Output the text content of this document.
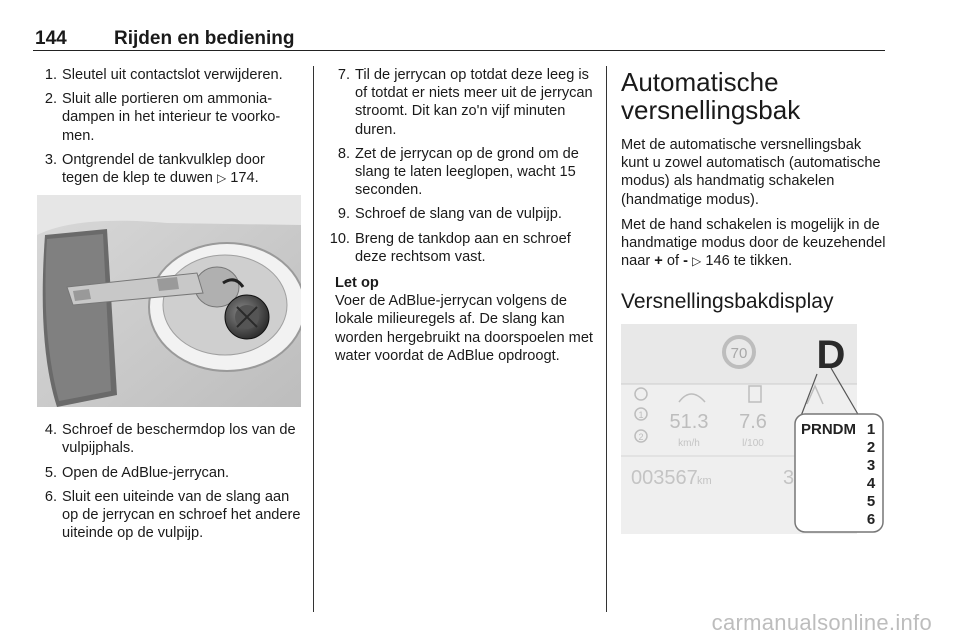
144 Rijden en bediening
1. Sleutel uit contactslot verwijderen.
2. Sluit alle portieren om ammoniadampen in het interieur te voorkomen.
3. Ontgrendel de tankvulklep door tegen de klep te duwen ▷ 174.
4. Schroef de beschermdop los van de vulpijphals.
5. Open de AdBlue-jerrycan.
6. Sluit een uiteinde van de slang aan op de jerrycan en schroef het andere uiteinde op de vulpijp.
7. Til de jerrycan op totdat deze leeg is of totdat er niets meer uit de jerrycan stroomt. Dit kan zo'n vijf minuten duren.
8. Zet de jerrycan op de grond om de slang te laten leeglopen, wacht 15 seconden.
9. Schroef de slang van de vulpijp.
10. Breng de tankdop aan en schroef deze rechtsom vast.
Let op

Voer de AdBlue-jerrycan volgens de lokale milieuregels af. De slang kan worden hergebruikt na doorspoelen met water voordat de AdBlue opdroogt.

Automatische versnellingsbak

Met de automatische versnellingsbak kunt u zowel automatisch (automatische modus) als handmatig schakelen (handmatige modus).

Met de hand schakelen is mogelijk in de handmatige modus door de keuzehendel naar + of - ▷ 146 te tikken.

Versnellingsbakdisplay
70 D
1
2
51.3
km/h
7.6
l/100
003567 km	3
PRNDM 1
2
3
4
5
6
carmanualsonline.info
